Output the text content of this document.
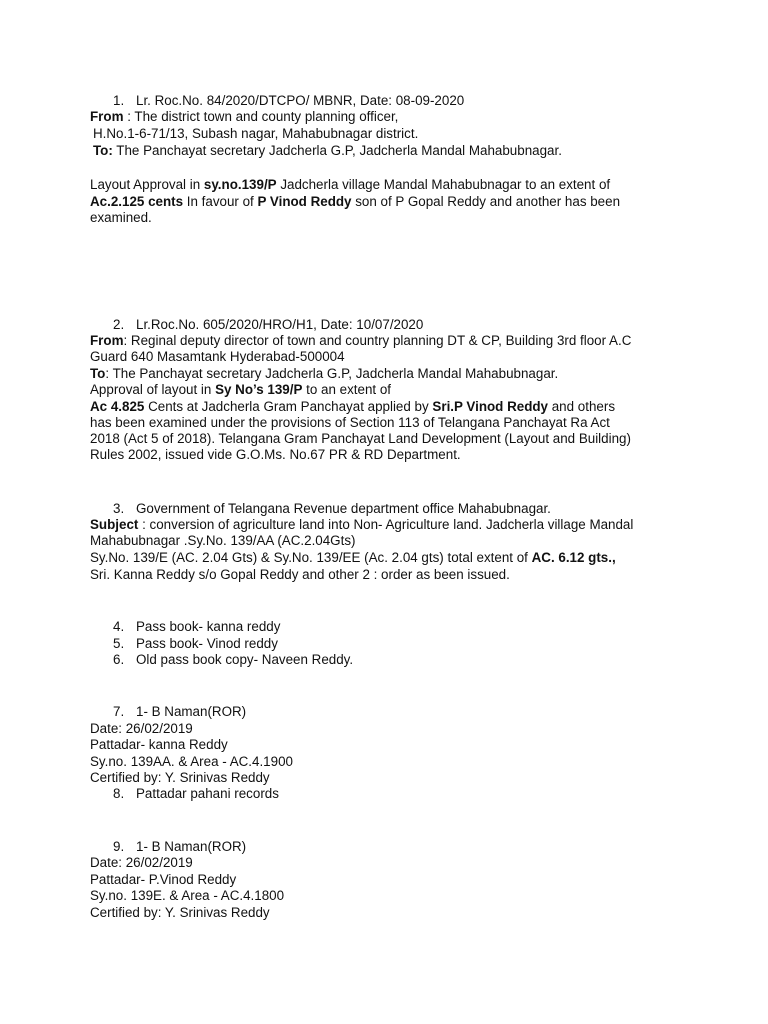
1. Lr. Roc.No. 84/2020/DTCPO/ MBNR, Date: 08-09-2020
From : The district town and county planning officer,
H.No.1-6-71/13, Subash nagar, Mahabubnagar district.
To: The Panchayat secretary Jadcherla G.P, Jadcherla Mandal Mahabubnagar.
Layout Approval in sy.no.139/P Jadcherla village Mandal Mahabubnagar to an extent of
Ac.2.125 cents In favour of P Vinod Reddy son of P Gopal Reddy and another has been
examined.
2. Lr.Roc.No. 605/2020/HRO/H1, Date: 10/07/2020
From: Reginal deputy director of town and country planning DT & CP, Building 3rd floor A.C
Guard 640 Masamtank Hyderabad-500004
To: The Panchayat secretary Jadcherla G.P, Jadcherla Mandal Mahabubnagar.
Approval of layout in Sy No’s 139/P to an extent of
Ac 4.825 Cents at Jadcherla Gram Panchayat applied by Sri.P Vinod Reddy and others
has been examined under the provisions of Section 113 of Telangana Panchayat Ra Act
2018 (Act 5 of 2018). Telangana Gram Panchayat Land Development (Layout and Building)
Rules 2002, issued vide G.O.Ms. No.67 PR & RD Department.
3. Government of Telangana Revenue department office Mahabubnagar.
Subject : conversion of agriculture land into Non- Agriculture land. Jadcherla village Mandal
Mahabubnagar .Sy.No. 139/AA (AC.2.04Gts)
Sy.No. 139/E (AC. 2.04 Gts) & Sy.No. 139/EE (Ac. 2.04 gts) total extent of AC. 6.12 gts.,
Sri. Kanna Reddy s/o Gopal Reddy and other 2 : order as been issued.
4. Pass book- kanna reddy
5. Pass book- Vinod reddy
6. Old pass book copy- Naveen Reddy.
7. 1- B Naman(ROR)
Date: 26/02/2019
Pattadar- kanna Reddy
Sy.no. 139AA. & Area - AC.4.1900
Certified by: Y. Srinivas Reddy
8. Pattadar pahani records
9. 1- B Naman(ROR)
Date: 26/02/2019
Pattadar- P.Vinod Reddy
Sy.no. 139E. & Area - AC.4.1800
Certified by: Y. Srinivas Reddy
